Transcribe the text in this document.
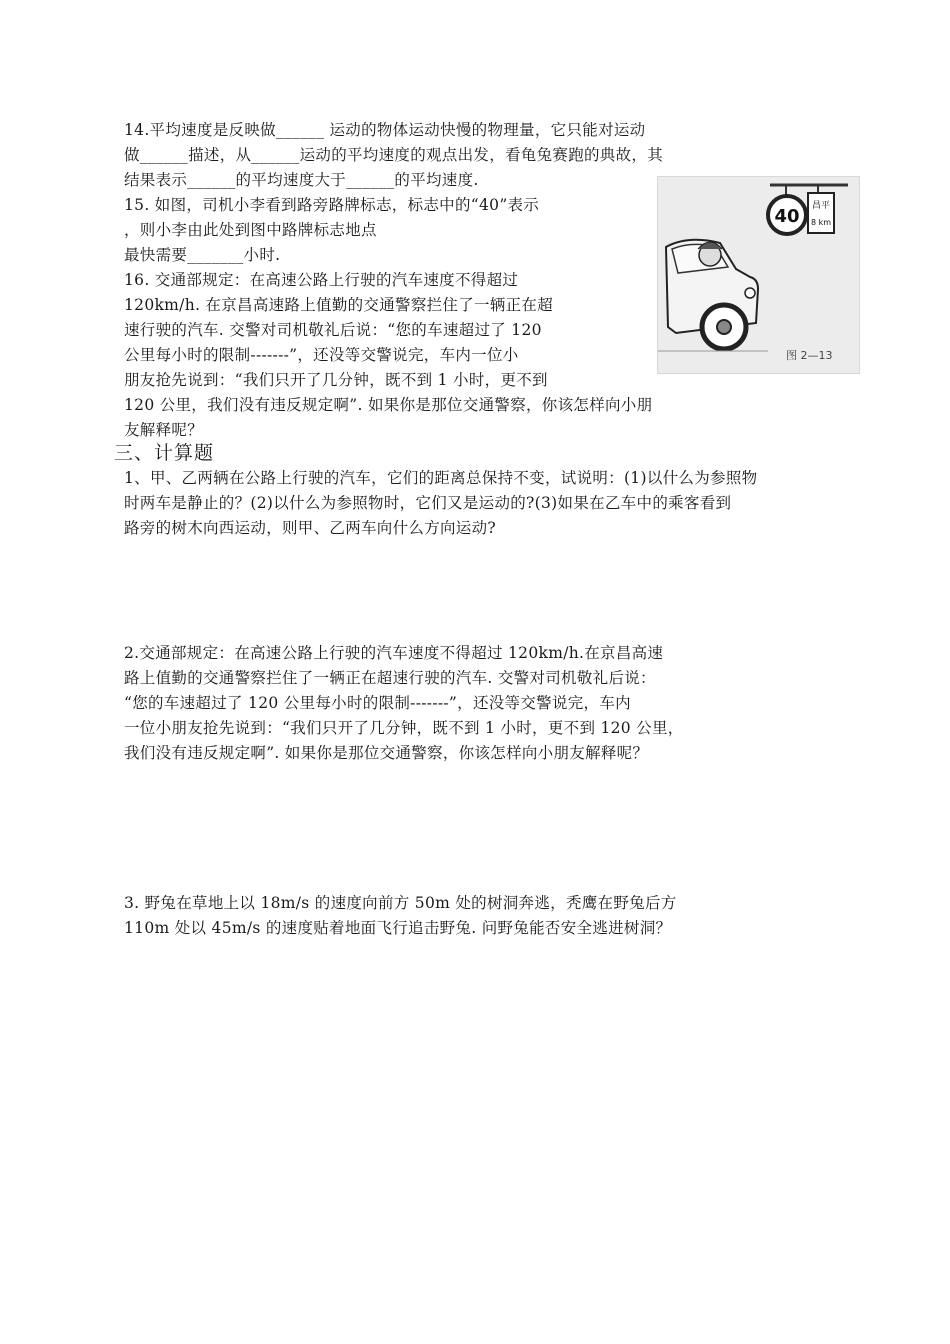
14.平均速度是反映做______ 运动的物体运动快慢的物理量，它只能对运动
做______描述，从______运动的平均速度的观点出发，看龟兔赛跑的典故，其
结果表示______的平均速度大于______的平均速度.
15. 如图，司机小李看到路旁路牌标志，标志中的“40”表示
，则小李由此处到图中路牌标志地点
最快需要_______小时.
16. 交通部规定：在高速公路上行驶的汽车速度不得超过
120km/h. 在京昌高速路上值勤的交通警察拦住了一辆正在超
速行驶的汽车. 交警对司机敬礼后说：“您的车速超过了 120
公里每小时的限制-------”，还没等交警说完，车内一位小
朋友抢先说到：“我们只开了几分钟，既不到 1 小时，更不到
120 公里，我们没有违反规定啊”. 如果你是那位交通警察，你该怎样向小朋
友解释呢？
40 昌平
8 km
图 2—13
三、计算题
1、甲、乙两辆在公路上行驶的汽车，它们的距离总保持不变，试说明：(1)以什么为参照物
时两车是静止的？(2)以什么为参照物时，它们又是运动的?(3)如果在乙车中的乘客看到
路旁的树木向西运动，则甲、乙两车向什么方向运动?
2.交通部规定：在高速公路上行驶的汽车速度不得超过 120km/h.在京昌高速
路上值勤的交通警察拦住了一辆正在超速行驶的汽车. 交警对司机敬礼后说：
“您的车速超过了 120 公里每小时的限制-------”，还没等交警说完，车内
一位小朋友抢先说到：“我们只开了几分钟，既不到 1 小时，更不到 120 公里，
我们没有违反规定啊”. 如果你是那位交通警察，你该怎样向小朋友解释呢？
3. 野兔在草地上以 18m/s 的速度向前方 50m 处的树洞奔逃，秃鹰在野兔后方
110m 处以 45m/s 的速度贴着地面飞行追击野兔. 问野兔能否安全逃进树洞？
